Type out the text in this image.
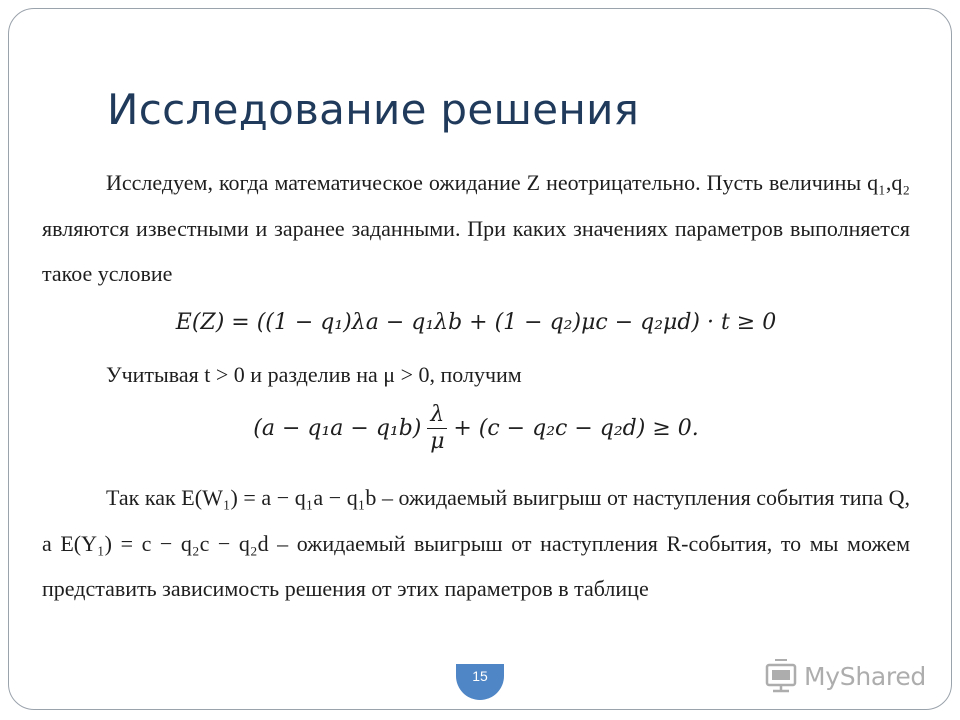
Исследование решения

Исследуем, когда математическое ожидание Z неотрицательно. Пусть величины q₁,q₂ являются известными и заранее заданными. При каких значениях параметров выполняется такое условие

E(Z) = ((1 − q₁)λa − q₁λb + (1 − q₂)μc − q₂μd) · t ≥ 0

Учитывая t > 0 и разделив на μ > 0, получим

$(a - q_1a - q_1b) \frac{\lambda}{\mu} + (c - q_2c - q_2d) \ge 0$.

Так как E(W₁) = a − q₁a − q₁b – ожидаемый выигрыш от наступления события типа Q, а E(Y₁) = c − q₂c − q₂d – ожидаемый выигрыш от наступления R-события, то мы можем представить зависимость решения от этих параметров в таблице

15	MyShared
